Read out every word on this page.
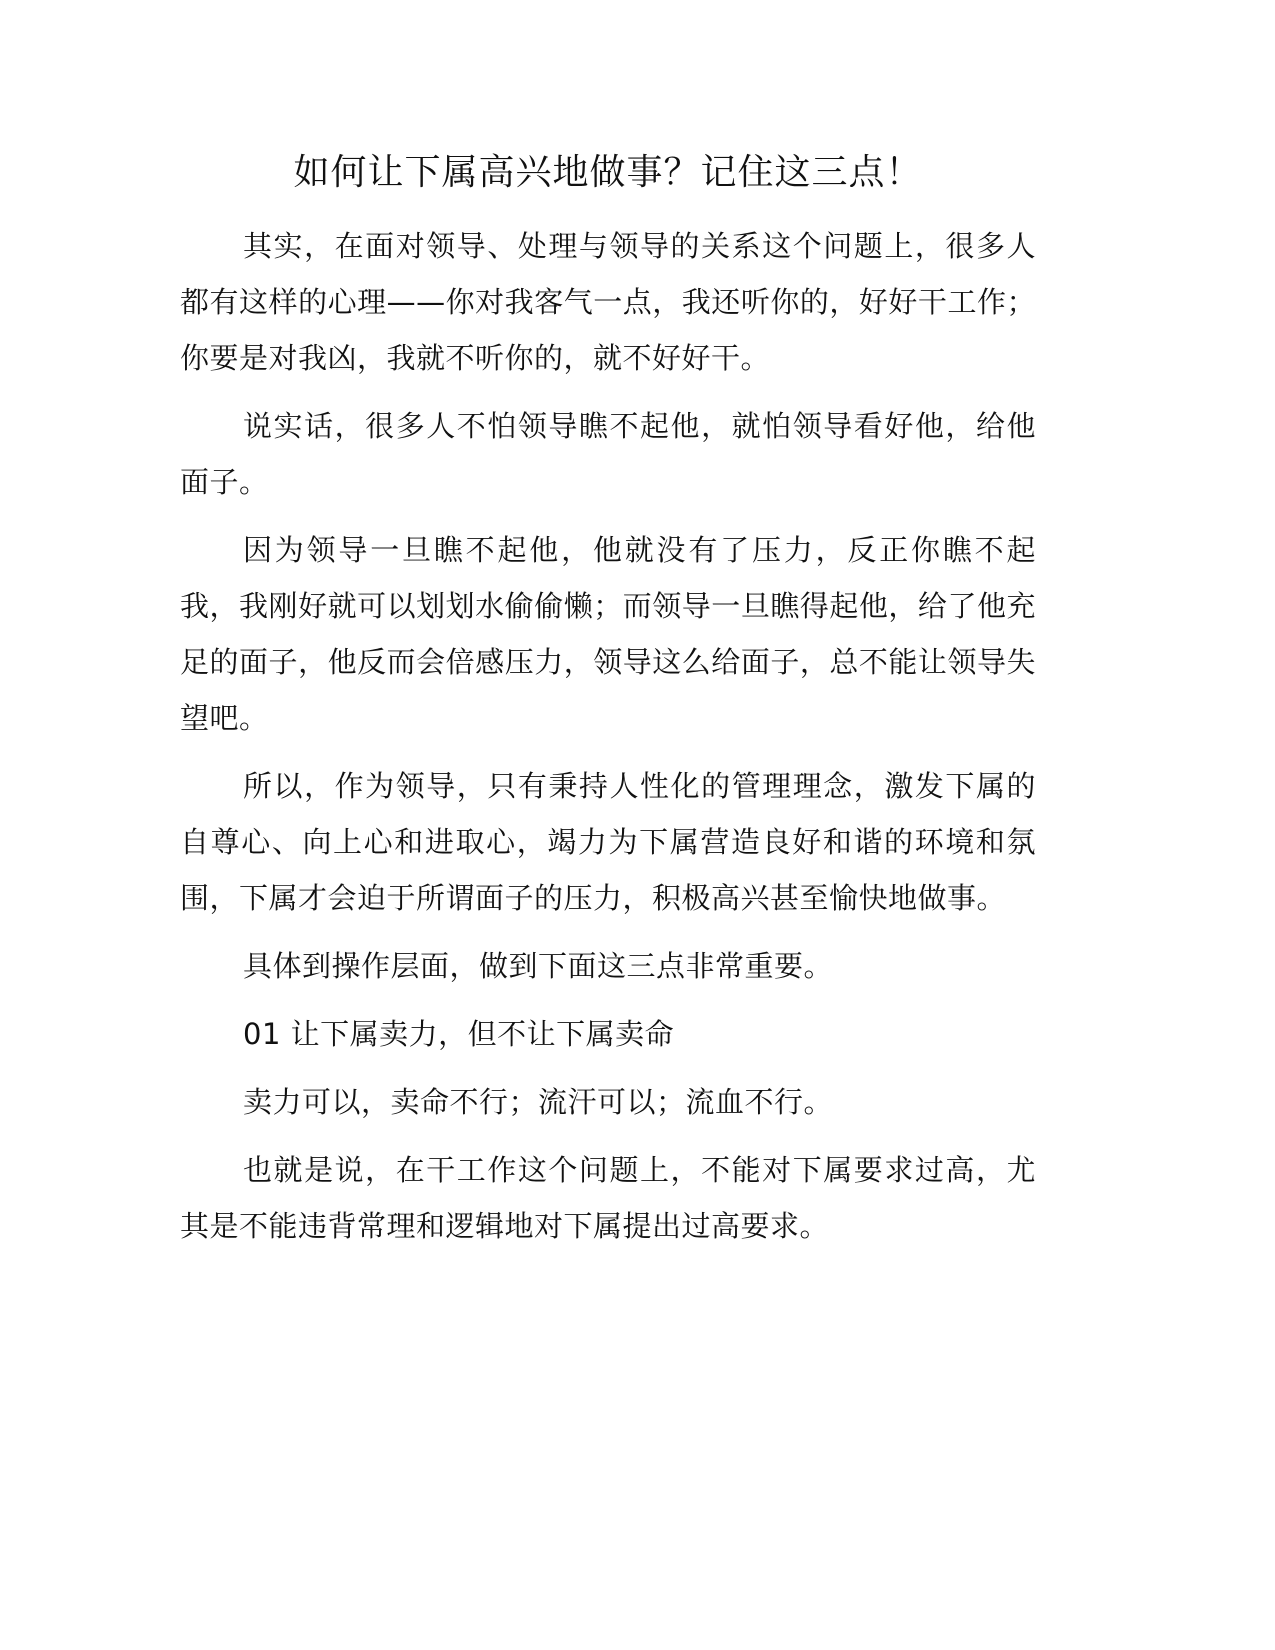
如何让下属高兴地做事？记住这三点！

其实，在面对领导、处理与领导的关系这个问题上，很多人都有这样的心理——你对我客气一点，我还听你的，好好干工作；你要是对我凶，我就不听你的，就不好好干。

说实话，很多人不怕领导瞧不起他，就怕领导看好他，给他面子。

因为领导一旦瞧不起他，他就没有了压力，反正你瞧不起我，我刚好就可以划划水偷偷懒；而领导一旦瞧得起他，给了他充足的面子，他反而会倍感压力，领导这么给面子，总不能让领导失望吧。

所以，作为领导，只有秉持人性化的管理理念，激发下属的自尊心、向上心和进取心，竭力为下属营造良好和谐的环境和氛围，下属才会迫于所谓面子的压力，积极高兴甚至愉快地做事。

具体到操作层面，做到下面这三点非常重要。

01 让下属卖力，但不让下属卖命

卖力可以，卖命不行；流汗可以；流血不行。

也就是说，在干工作这个问题上，不能对下属要求过高，尤其是不能违背常理和逻辑地对下属提出过高要求。
